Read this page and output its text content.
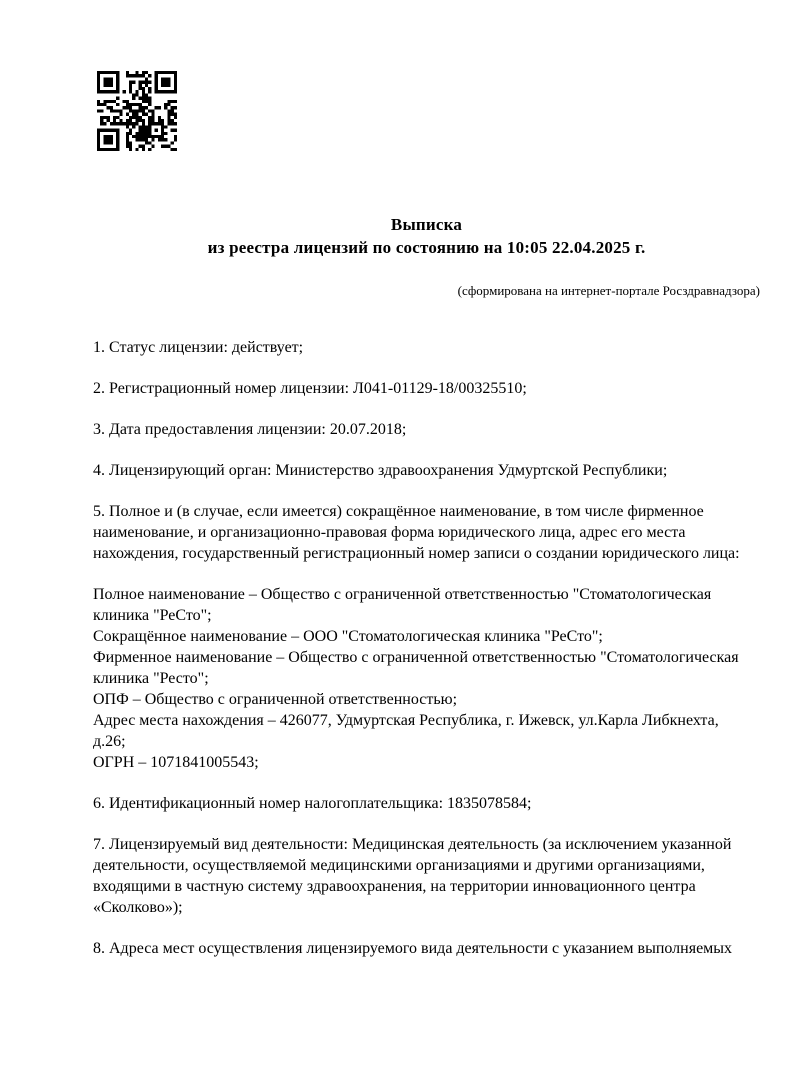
Выписка
из реестра лицензий по состоянию на 10:05 22.04.2025 г.
(сформирована на интернет-портале Росздравнадзора)
1. Статус лицензии: действует;
2. Регистрационный номер лицензии: Л041-01129-18/00325510;
3. Дата предоставления лицензии: 20.07.2018;
4. Лицензирующий орган: Министерство здравоохранения Удмуртской Республики;
5. Полное и (в случае, если имеется) сокращённое наименование, в том числе фирменное
наименование, и организационно-правовая форма юридического лица, адрес его места
нахождения, государственный регистрационный номер записи о создании юридического лица:
Полное наименование – Общество с ограниченной ответственностью "Стоматологическая
клиника "РеСто";
Сокращённое наименование – ООО "Стоматологическая клиника "РеСто";
Фирменное наименование – Общество с ограниченной ответственностью "Стоматологическая
клиника "Ресто";
ОПФ – Общество с ограниченной ответственностью;
Адрес места нахождения – 426077, Удмуртская Республика, г. Ижевск, ул.Карла Либкнехта,
д.26;
ОГРН – 1071841005543;
6. Идентификационный номер налогоплательщика: 1835078584;
7. Лицензируемый вид деятельности: Медицинская деятельность (за исключением указанной
деятельности, осуществляемой медицинскими организациями и другими организациями,
входящими в частную систему здравоохранения, на территории инновационного центра
«Сколково»);
8. Адреса мест осуществления лицензируемого вида деятельности с указанием выполняемых
